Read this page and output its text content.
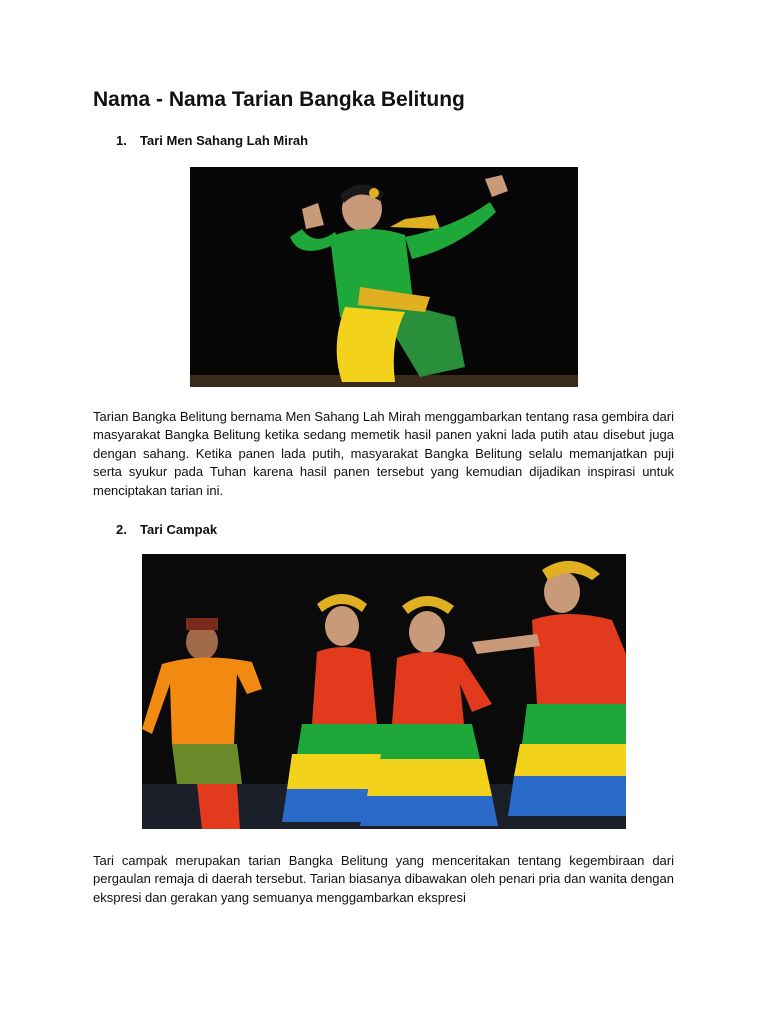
Nama - Nama Tarian Bangka Belitung
1. Tari Men Sahang Lah Mirah

Tarian Bangka Belitung bernama Men Sahang Lah Mirah menggambarkan tentang rasa gembira dari masyarakat Bangka Belitung ketika sedang memetik hasil panen yakni lada putih atau disebut juga dengan sahang. Ketika panen lada putih, masyarakat Bangka Belitung selalu memanjatkan puji serta syukur pada Tuhan karena hasil panen tersebut yang kemudian dijadikan inspirasi untuk menciptakan tarian ini.

2. Tari Campak

Tari campak merupakan tarian Bangka Belitung yang menceritakan tentang kegembiraan dari pergaulan remaja di daerah tersebut. Tarian biasanya dibawakan oleh penari pria dan wanita dengan ekspresi dan gerakan yang semuanya menggambarkan ekspresi
